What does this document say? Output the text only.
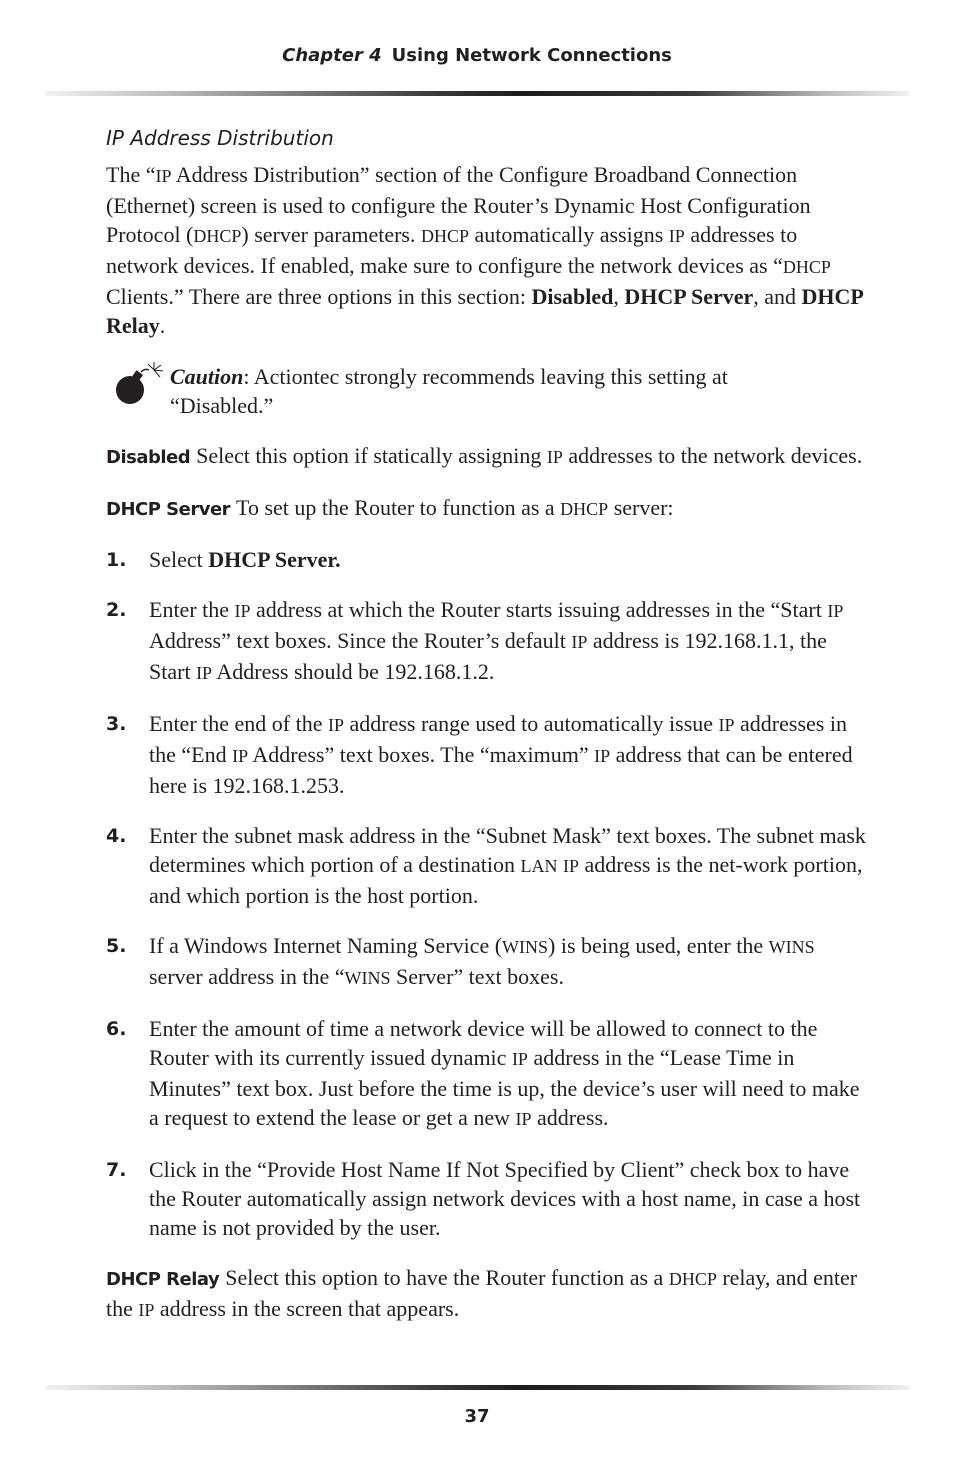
Chapter 4 Using Network Connections
IP Address Distribution

The “IP Address Distribution” section of the Configure Broadband Connection (Ethernet) screen is used to configure the Router’s Dynamic Host Configuration Protocol (DHCP) server parameters. DHCP automatically assigns IP addresses to network devices. If enabled, make sure to configure the network devices as “DHCP Clients.” There are three options in this section: Disabled, DHCP Server, and DHCP Relay.

Caution: Actiontec strongly recommends leaving this setting at “Disabled.”

Disabled Select this option if statically assigning IP addresses to the network devices.

DHCP Server To set up the Router to function as a DHCP server:

1. Select DHCP Server.
2. Enter the IP address at which the Router starts issuing addresses in the “Start IP Address” text boxes. Since the Router’s default IP address is 192.168.1.1, the Start IP Address should be 192.168.1.2.
3. Enter the end of the IP address range used to automatically issue IP addresses in the “End IP Address” text boxes. The “maximum” IP address that can be entered here is 192.168.1.253.
4. Enter the subnet mask address in the “Subnet Mask” text boxes. The subnet mask determines which portion of a destination LAN IP address is the net-work portion, and which portion is the host portion.
5. If a Windows Internet Naming Service (WINS) is being used, enter the WINS server address in the “WINS Server” text boxes.
6. Enter the amount of time a network device will be allowed to connect to the Router with its currently issued dynamic IP address in the “Lease Time in Minutes” text box. Just before the time is up, the device’s user will need to make a request to extend the lease or get a new IP address.
7. Click in the “Provide Host Name If Not Specified by Client” check box to have the Router automatically assign network devices with a host name, in case a host name is not provided by the user.

DHCP Relay Select this option to have the Router function as a DHCP relay, and enter the IP address in the screen that appears.

37
